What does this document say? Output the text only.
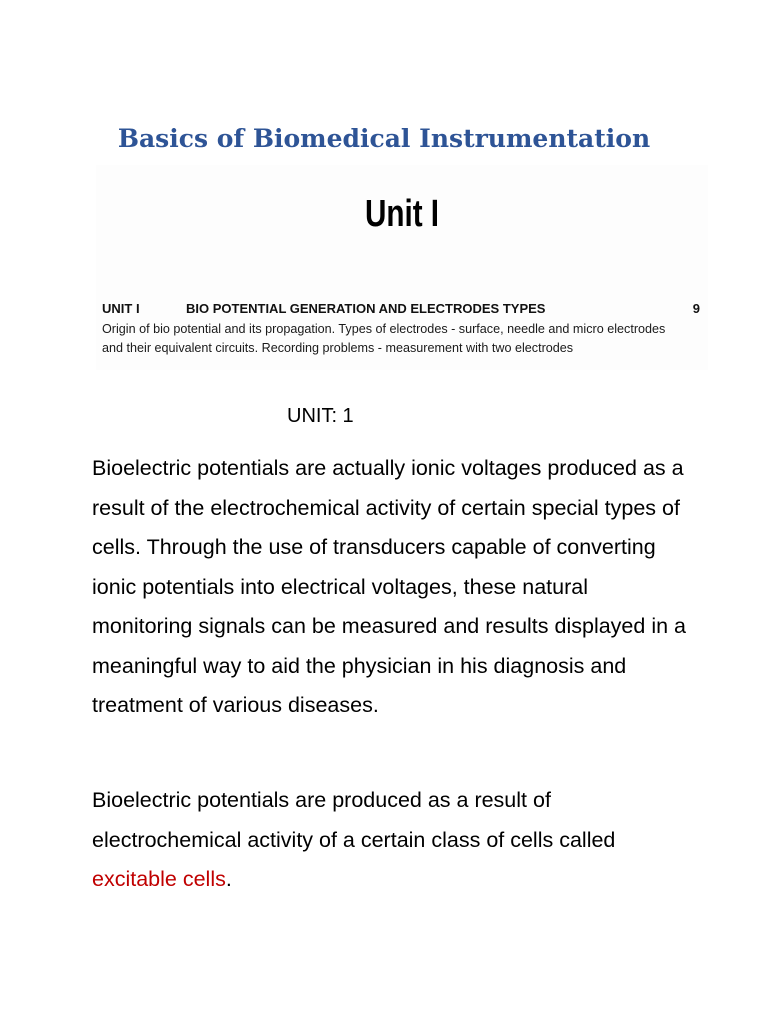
Basics of Biomedical Instrumentation
Unit I
UNIT I	BIO POTENTIAL GENERATION AND ELECTRODES TYPES	9
Origin of bio potential and its propagation. Types of electrodes - surface, needle and micro electrodes
and their equivalent circuits. Recording problems - measurement with two electrodes
UNIT: 1
Bioelectric potentials are actually ionic voltages produced as a result of the electrochemical activity of certain special types of cells. Through the use of transducers capable of converting ionic potentials into electrical voltages, these natural monitoring signals can be measured and results displayed in a meaningful way to aid the physician in his diagnosis and treatment of various diseases.
Bioelectric potentials are produced as a result of electrochemical activity of a certain class of cells called excitable cells.
